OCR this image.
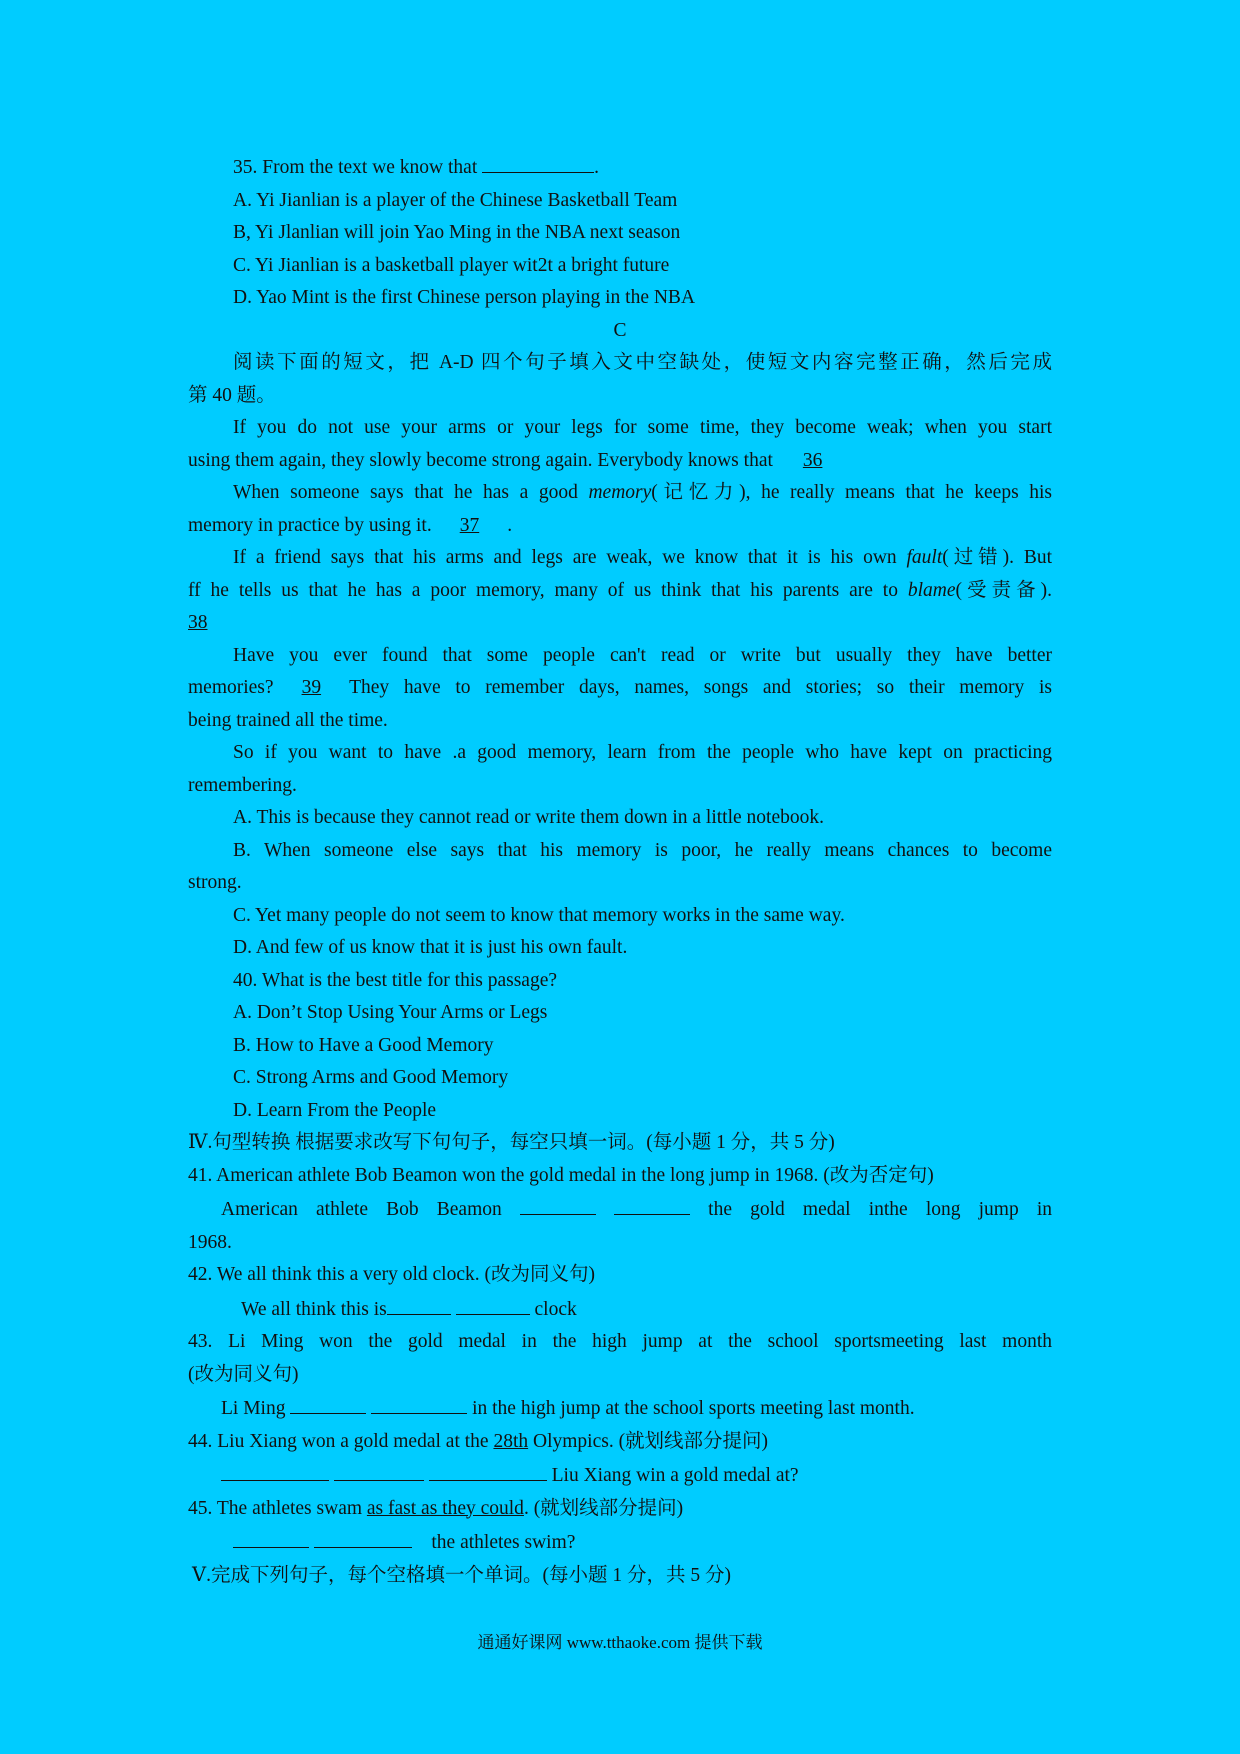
35. From the text we know that	.
A. Yi Jianlian is a player of the Chinese Basketball Team
B, Yi Jlanlian will join Yao Ming in the NBA next season
C. Yi Jianlian is a basketball player wit2t a bright future
D. Yao Mint is the first Chinese person playing in the NBA
C
阅读下面的短文，把 A-D 四个句子填入文中空缺处，使短文内容完整正确，然后完成
第 40 题。
If you do not use your arms or your legs for some time, they become weak; when you start
using them again, they slowly become strong again. Everybody knows that 36
When someone says that he has a good memory(记忆力), he really means that he keeps his
memory in practice by using it. 37 .
If a friend says that his arms and legs are weak, we know that it is his own fault(过错). But
ff he tells us that he has a poor memory, many of us think that his parents are to blame(受责备).
38
Have you ever found that some people can't read or write but usually they have better
memories? 39 They have to remember days, names, songs and stories; so their memory is
being trained all the time.
So if you want to have .a good memory, learn from the people who have kept on practicing
remembering.
A. This is because they cannot read or write them down in a little notebook.
B. When someone else says that his memory is poor, he really means chances to become
strong.
C. Yet many people do not seem to know that memory works in the same way.
D. And few of us know that it is just his own fault.
40. What is the best title for this passage?
A. Don’t Stop Using Your Arms or Legs
B. How to Have a Good Memory
C. Strong Arms and Good Memory
D. Learn From the People
Ⅳ.句型转换 根据要求改写下句句子，每空只填一词。(每小题 1 分，共 5 分)
41. American athlete Bob Beamon won the gold medal in the long jump in 1968. (改为否定句)
American athlete Bob Beamon	the gold medal inthe long jump in
1968.
42. We all think this a very old clock. (改为同义句)
We all think this is	clock
43. Li Ming won the gold medal in the high jump at the school sportsmeeting last month
(改为同义句)
Li Ming	in the high jump at the school sports meeting last month.
44. Liu Xiang won a gold medal at the 28th Olympics. (就划线部分提问)
Liu Xiang win a gold medal at?
45. The athletes swam as fast as they could. (就划线部分提问)
the athletes swim?
Ⅴ.完成下列句子，每个空格填一个单词。(每小题 1 分，共 5 分)
通通好课网 www.tthaoke.com 提供下载
